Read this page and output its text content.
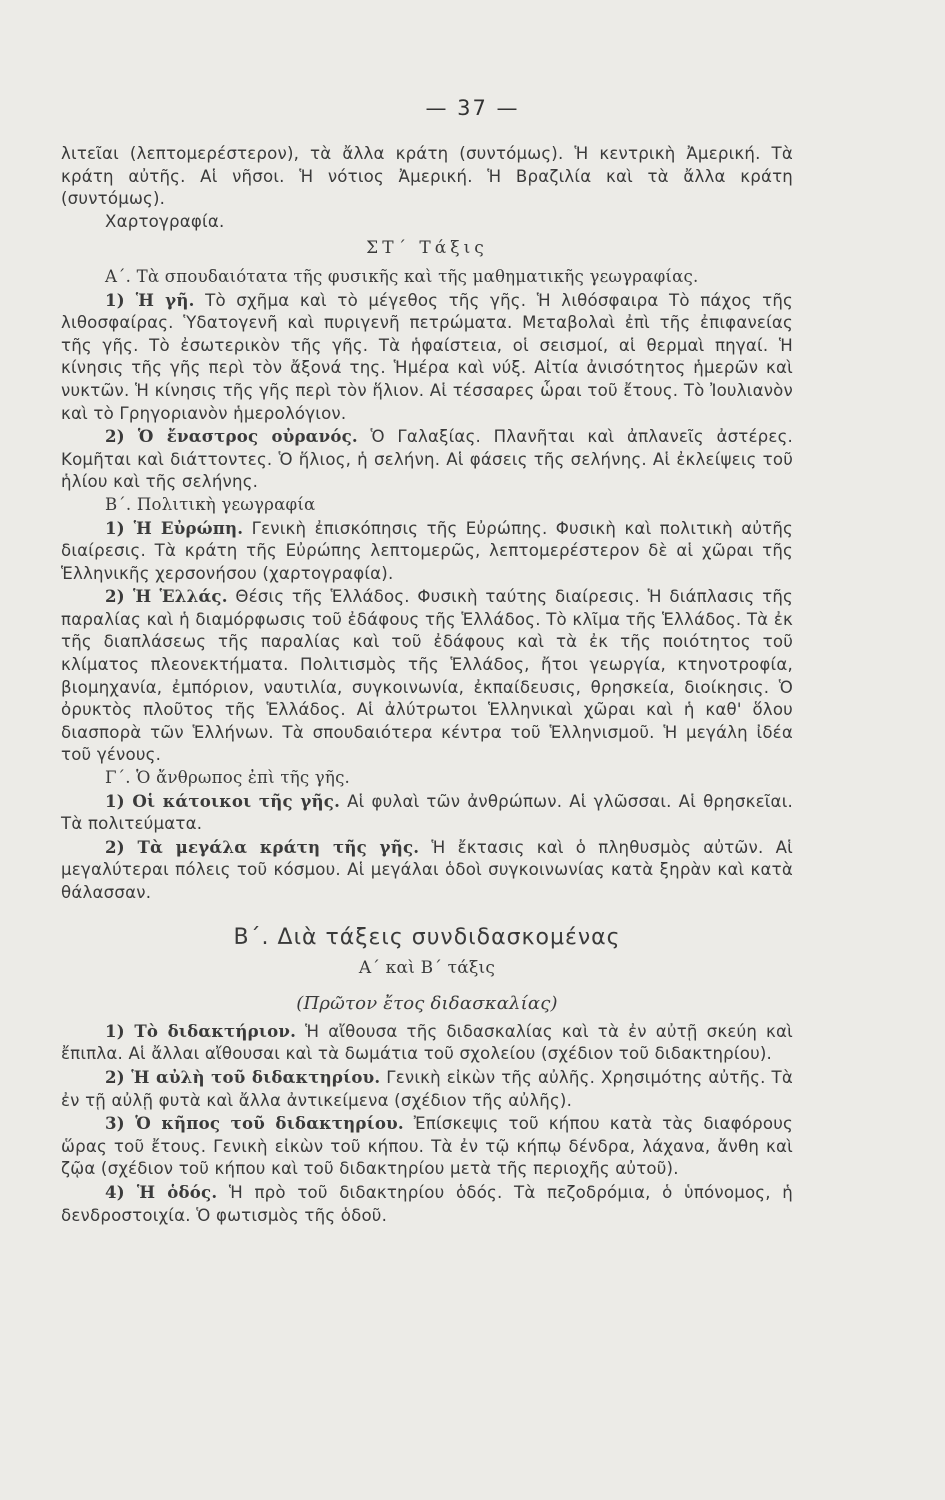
— 37 —

λιτεῖαι (λεπτομερέστερον), τὰ ἄλλα κράτη (συντόμως). Ἡ κεντρικὴ Ἀμερική. Τὰ κράτη αὐτῆς. Αἱ νῆσοι. Ἡ νότιος Ἀμερική. Ἡ Βραζιλία καὶ τὰ ἄλλα κράτη (συντόμως).

Χαρτογραφία.

ΣΤ΄ Τάξις

Α΄. Τὰ σπουδαιότατα τῆς φυσικῆς καὶ τῆς μαθηματικῆς γεωγραφίας.

1) Ἡ γῆ. Τὸ σχῆμα καὶ τὸ μέγεθος τῆς γῆς. Ἡ λιθόσφαιρα Τὸ πάχος τῆς λιθοσφαίρας. Ὑδατογενῆ καὶ πυριγενῆ πετρώματα. Μεταβολαὶ ἐπὶ τῆς ἐπιφανείας τῆς γῆς. Τὸ ἐσωτερικὸν τῆς γῆς. Τὰ ἡφαίστεια, οἱ σεισμοί, αἱ θερμαὶ πηγαί. Ἡ κίνησις τῆς γῆς περὶ τὸν ἄξονά της. Ἡμέρα καὶ νύξ. Αἰτία ἀνισότητος ἡμερῶν καὶ νυκτῶν. Ἡ κίνησις τῆς γῆς περὶ τὸν ἥλιον. Αἱ τέσσαρες ὧραι τοῦ ἔτους. Τὸ Ἰουλιανὸν καὶ τὸ Γρηγοριανὸν ἡμερολόγιον.

2) Ὁ ἔναστρος οὐρανός. Ὁ Γαλαξίας. Πλανῆται καὶ ἀπλανεῖς ἀστέρες. Κομῆται καὶ διάττοντες. Ὁ ἥλιος, ἡ σελήνη. Αἱ φάσεις τῆς σελήνης. Αἱ ἐκλείψεις τοῦ ἡλίου καὶ τῆς σελήνης.

Β΄. Πολιτικὴ γεωγραφία

1) Ἡ Εὐρώπη. Γενικὴ ἐπισκόπησις τῆς Εὐρώπης. Φυσικὴ καὶ πολιτικὴ αὐτῆς διαίρεσις. Τὰ κράτη τῆς Εὐρώπης λεπτομερῶς, λεπτομερέστερον δὲ αἱ χῶραι τῆς Ἑλληνικῆς χερσονήσου (χαρτογραφία).

2) Ἡ Ἑλλάς. Θέσις τῆς Ἑλλάδος. Φυσικὴ ταύτης διαίρεσις. Ἡ διάπλασις τῆς παραλίας καὶ ἡ διαμόρφωσις τοῦ ἐδάφους τῆς Ἑλλάδος. Τὸ κλῖμα τῆς Ἑλλάδος. Τὰ ἐκ τῆς διαπλάσεως τῆς παραλίας καὶ τοῦ ἐδάφους καὶ τὰ ἐκ τῆς ποιότητος τοῦ κλίματος πλεονεκτήματα. Πολιτισμὸς τῆς Ἑλλάδος, ἤτοι γεωργία, κτηνοτροφία, βιομηχανία, ἐμπόριον, ναυτιλία, συγκοινωνία, ἐκπαίδευσις, θρησκεία, διοίκησις. Ὁ ὀρυκτὸς πλοῦτος τῆς Ἑλλάδος. Αἱ ἀλύτρωτοι Ἑλληνικαὶ χῶραι καὶ ἡ καθ' ὅλου διασπορὰ τῶν Ἑλλήνων. Τὰ σπουδαιότερα κέντρα τοῦ Ἑλληνισμοῦ. Ἡ μεγάλη ἰδέα τοῦ γένους.

Γ΄. Ὁ ἄνθρωπος ἐπὶ τῆς γῆς.

1) Οἱ κάτοικοι τῆς γῆς. Αἱ φυλαὶ τῶν ἀνθρώπων. Αἱ γλῶσσαι. Αἱ θρησκεῖαι. Τὰ πολιτεύματα.

2) Τὰ μεγάλα κράτη τῆς γῆς. Ἡ ἔκτασις καὶ ὁ πληθυσμὸς αὐτῶν. Αἱ μεγαλύτεραι πόλεις τοῦ κόσμου. Αἱ μεγάλαι ὁδοὶ συγκοινωνίας κατὰ ξηρὰν καὶ κατὰ θάλασσαν.

Β΄. Διὰ τάξεις συνδιδασκομένας

Α΄ καὶ Β΄ τάξις

(Πρῶτον ἔτος διδασκαλίας)

1) Τὸ διδακτήριον. Ἡ αἴθουσα τῆς διδασκαλίας καὶ τὰ ἐν αὐτῇ σκεύη καὶ ἔπιπλα. Αἱ ἄλλαι αἴθουσαι καὶ τὰ δωμάτια τοῦ σχολείου (σχέδιον τοῦ διδακτηρίου).

2) Ἡ αὐλὴ τοῦ διδακτηρίου. Γενικὴ εἰκὼν τῆς αὐλῆς. Χρησιμότης αὐτῆς. Τὰ ἐν τῇ αὐλῇ φυτὰ καὶ ἄλλα ἀντικείμενα (σχέδιον τῆς αὐλῆς).

3) Ὁ κῆπος τοῦ διδακτηρίου. Ἐπίσκεψις τοῦ κήπου κατὰ τὰς διαφόρους ὥρας τοῦ ἔτους. Γενικὴ εἰκὼν τοῦ κήπου. Τὰ ἐν τῷ κήπῳ δένδρα, λάχανα, ἄνθη καὶ ζῷα (σχέδιον τοῦ κήπου καὶ τοῦ διδακτηρίου μετὰ τῆς περιοχῆς αὐτοῦ).

4) Ἡ ὁδός. Ἡ πρὸ τοῦ διδακτηρίου ὁδός. Τὰ πεζοδρόμια, ὁ ὑπόνομος, ἡ δενδροστοιχία. Ὁ φωτισμὸς τῆς ὁδοῦ.
